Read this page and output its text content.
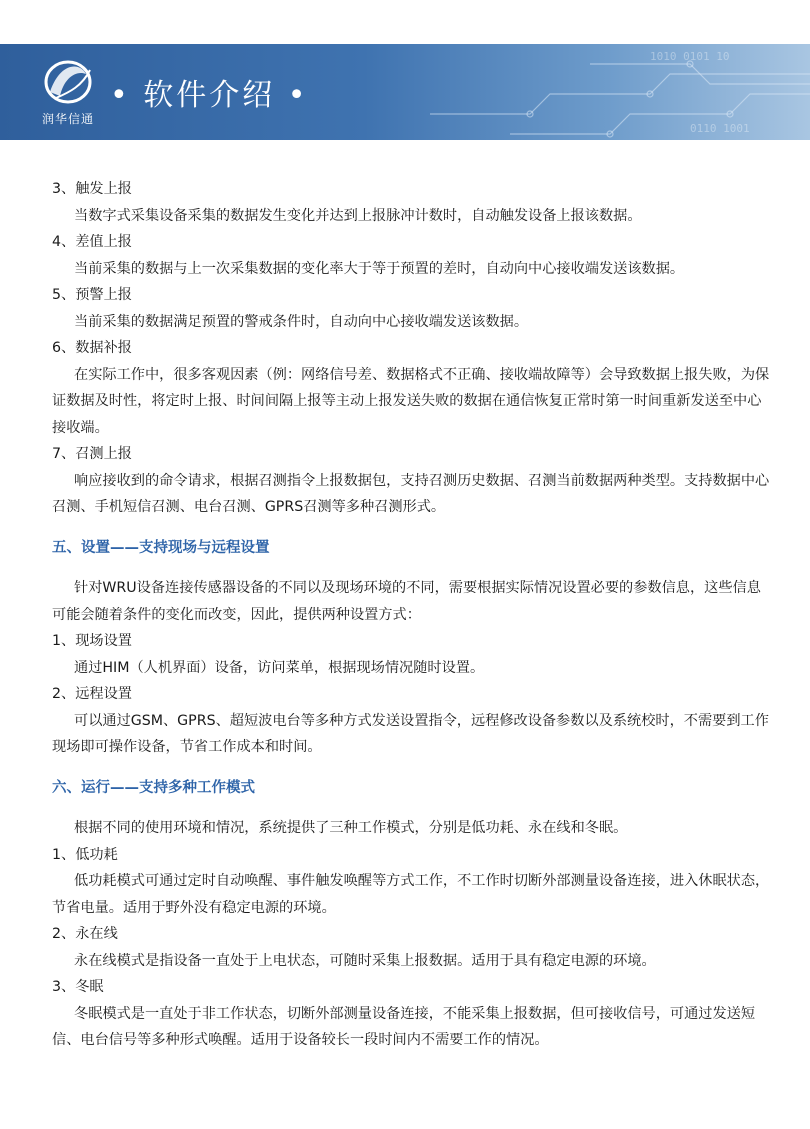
1010 0101 10
0110 1001
润华信通
• 软件介绍 •

3、触发上报

当数字式采集设备采集的数据发生变化并达到上报脉冲计数时，自动触发设备上报该数据。

4、差值上报

当前采集的数据与上一次采集数据的变化率大于等于预置的差时，自动向中心接收端发送该数据。

5、预警上报

当前采集的数据满足预置的警戒条件时，自动向中心接收端发送该数据。

6、数据补报

在实际工作中，很多客观因素（例：网络信号差、数据格式不正确、接收端故障等）会导致数据上报失败，为保证数据及时性，将定时上报、时间间隔上报等主动上报发送失败的数据在通信恢复正常时第一时间重新发送至中心接收端。

7、召测上报

响应接收到的命令请求，根据召测指令上报数据包，支持召测历史数据、召测当前数据两种类型。支持数据中心召测、手机短信召测、电台召测、GPRS召测等多种召测形式。

五、设置——支持现场与远程设置

针对WRU设备连接传感器设备的不同以及现场环境的不同，需要根据实际情况设置必要的参数信息，这些信息可能会随着条件的变化而改变，因此，提供两种设置方式：

1、现场设置

通过HIM（人机界面）设备，访问菜单，根据现场情况随时设置。

2、远程设置

可以通过GSM、GPRS、超短波电台等多种方式发送设置指令，远程修改设备参数以及系统校时，不需要到工作现场即可操作设备，节省工作成本和时间。

六、运行——支持多种工作模式

根据不同的使用环境和情况，系统提供了三种工作模式，分别是低功耗、永在线和冬眠。

1、低功耗

低功耗模式可通过定时自动唤醒、事件触发唤醒等方式工作，不工作时切断外部测量设备连接，进入休眠状态，节省电量。适用于野外没有稳定电源的环境。

2、永在线

永在线模式是指设备一直处于上电状态，可随时采集上报数据。适用于具有稳定电源的环境。

3、冬眠

冬眠模式是一直处于非工作状态，切断外部测量设备连接，不能采集上报数据，但可接收信号，可通过发送短信、电台信号等多种形式唤醒。适用于设备较长一段时间内不需要工作的情况。
